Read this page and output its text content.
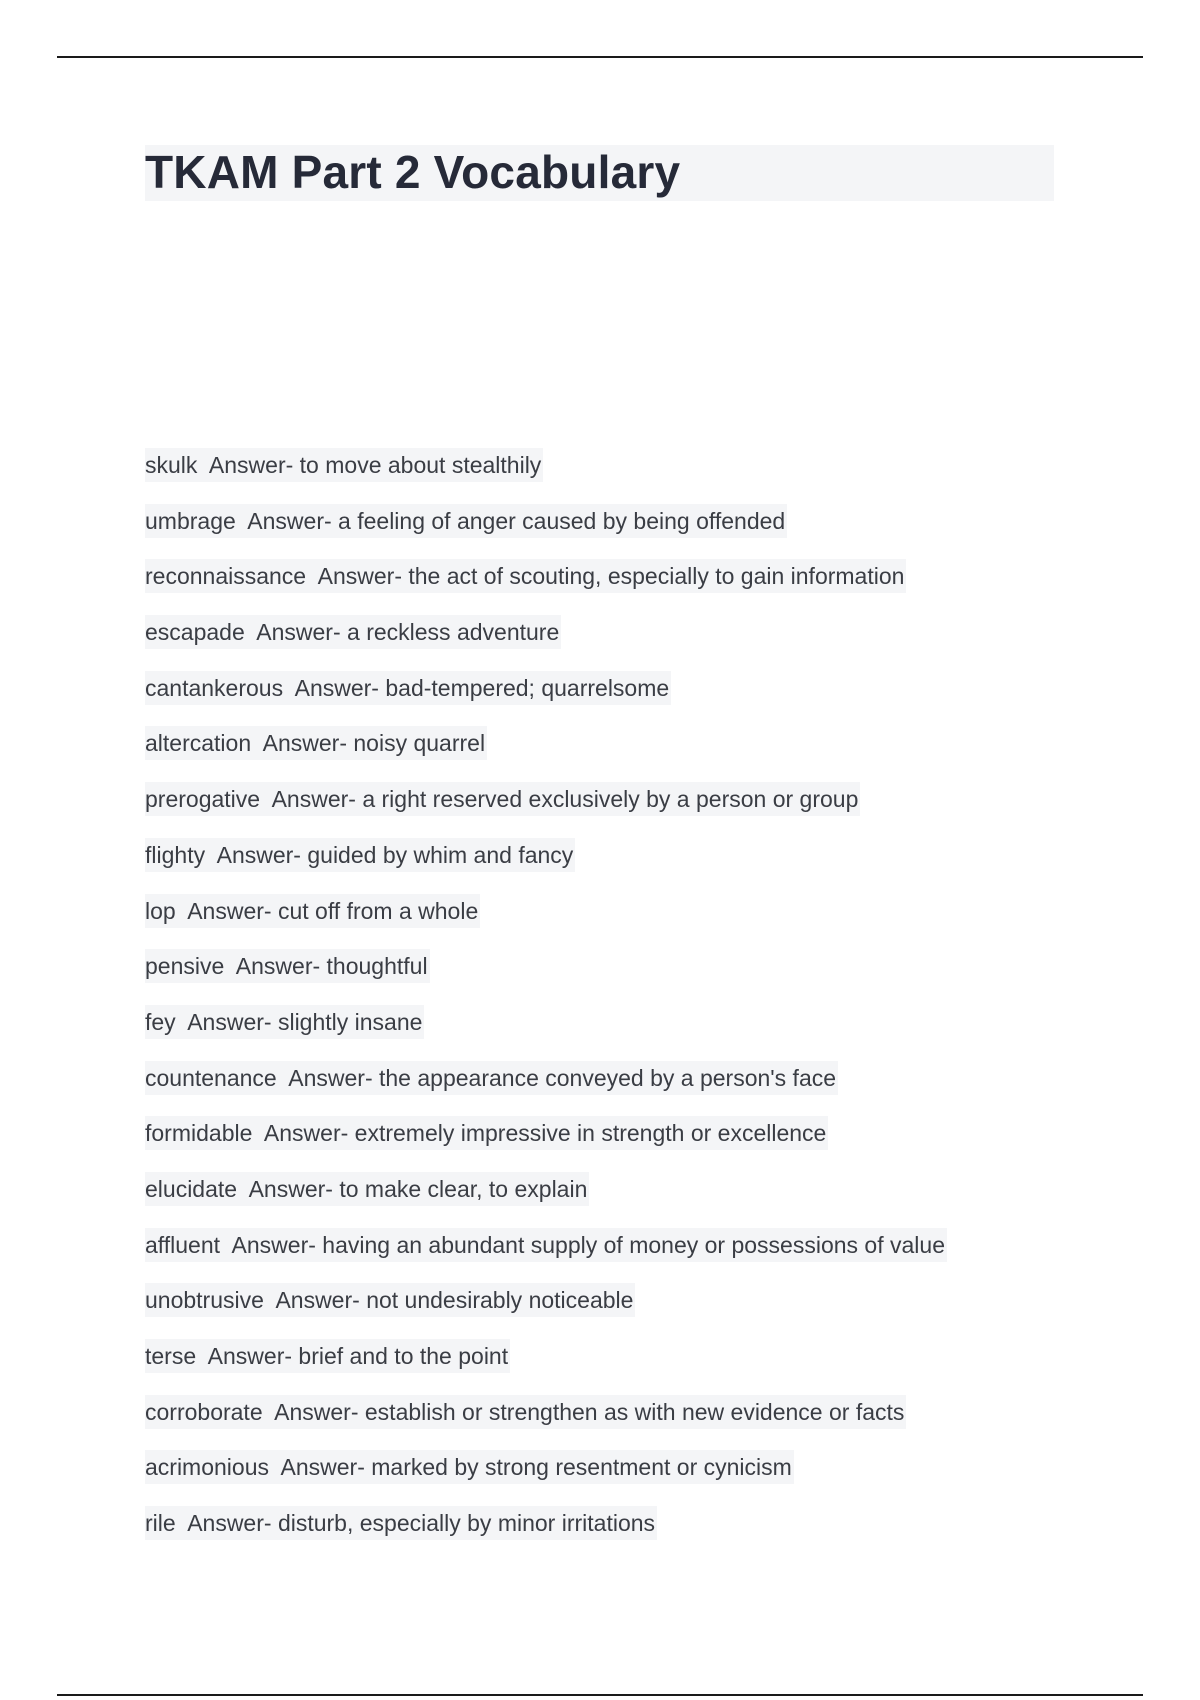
TKAM Part 2 Vocabulary
skulk Answer- to move about stealthily
umbrage Answer- a feeling of anger caused by being offended
reconnaissance Answer- the act of scouting, especially to gain information
escapade Answer- a reckless adventure
cantankerous Answer- bad-tempered; quarrelsome
altercation Answer- noisy quarrel
prerogative Answer- a right reserved exclusively by a person or group
flighty Answer- guided by whim and fancy
lop Answer- cut off from a whole
pensive Answer- thoughtful
fey Answer- slightly insane
countenance Answer- the appearance conveyed by a person's face
formidable Answer- extremely impressive in strength or excellence
elucidate Answer- to make clear, to explain
affluent Answer- having an abundant supply of money or possessions of value
unobtrusive Answer- not undesirably noticeable
terse Answer- brief and to the point
corroborate Answer- establish or strengthen as with new evidence or facts
acrimonious Answer- marked by strong resentment or cynicism
rile Answer- disturb, especially by minor irritations
